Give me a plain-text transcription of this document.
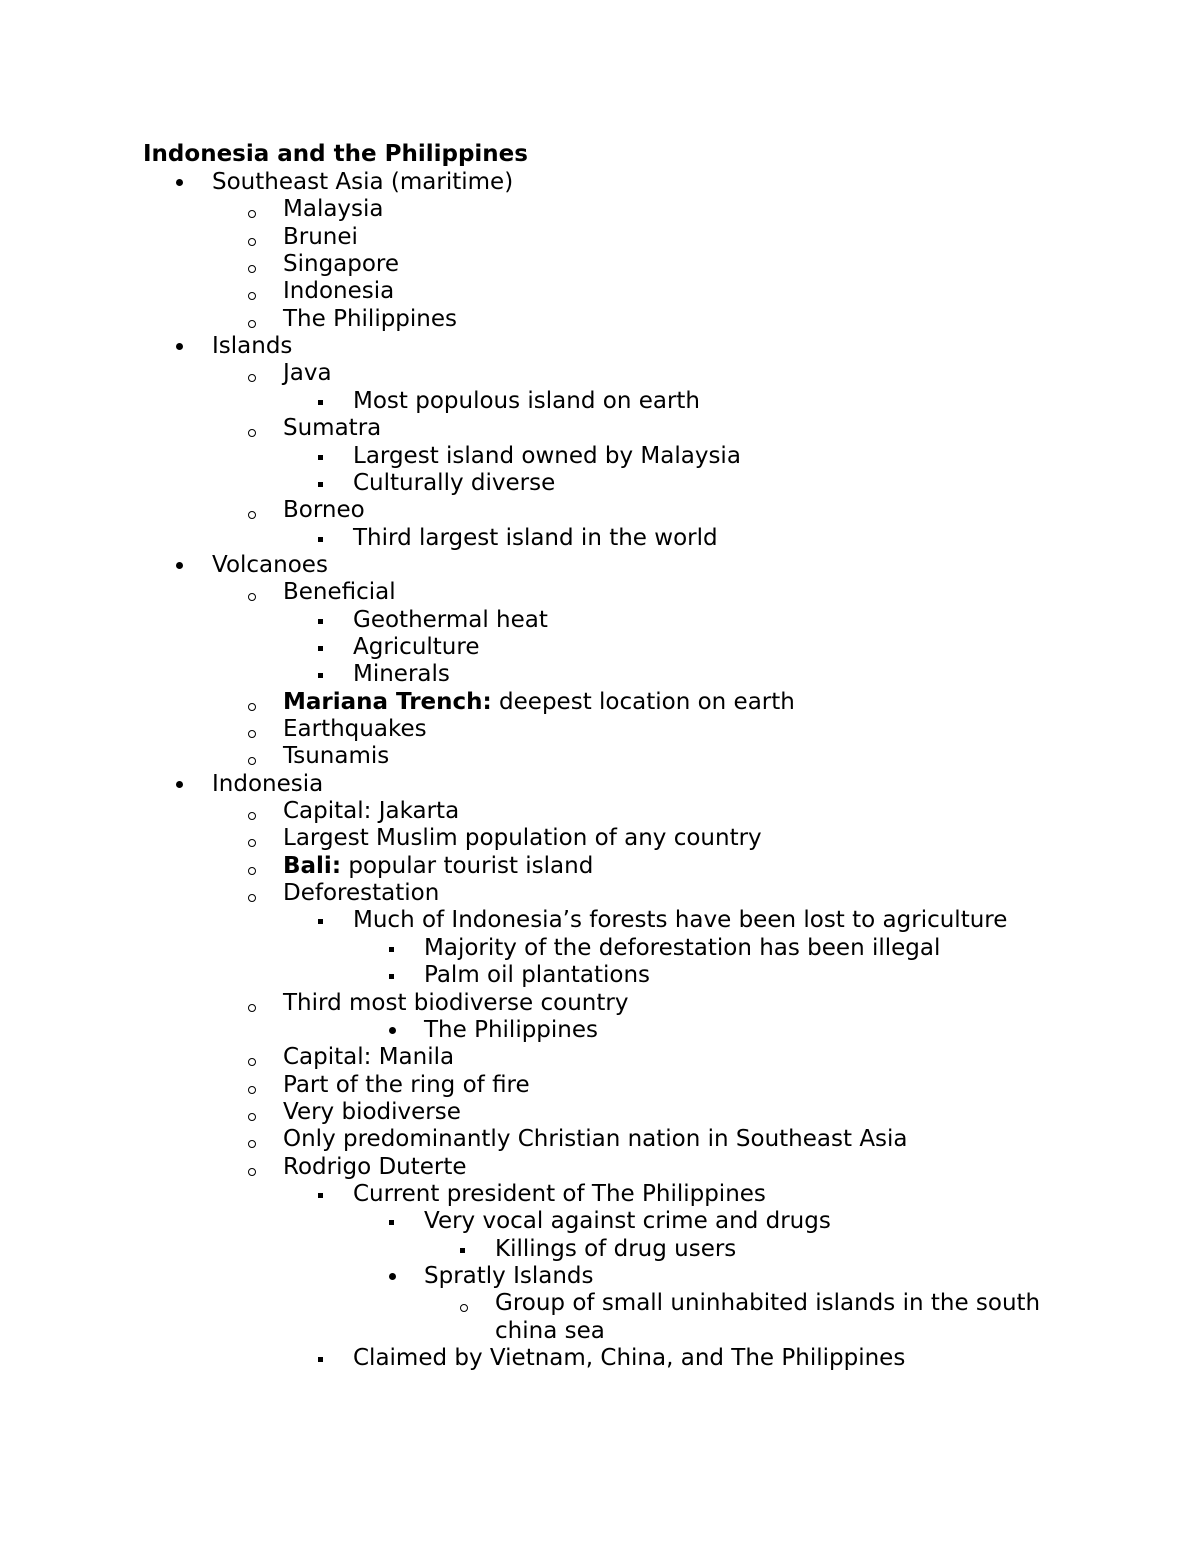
Indonesia and the Philippines
Southeast Asia (maritime)
Malaysia
Brunei
Singapore
Indonesia
The Philippines
Islands
Java
Most populous island on earth
Sumatra
Largest island owned by Malaysia
Culturally diverse
Borneo
Third largest island in the world
Volcanoes
Beneficial
Geothermal heat
Agriculture
Minerals
Mariana Trench: deepest location on earth
Earthquakes
Tsunamis
Indonesia
Capital: Jakarta
Largest Muslim population of any country
Bali: popular tourist island
Deforestation
Much of Indonesia’s forests have been lost to agriculture
Majority of the deforestation has been illegal
Palm oil plantations
Third most biodiverse country
The Philippines
Capital: Manila
Part of the ring of fire
Very biodiverse
Only predominantly Christian nation in Southeast Asia
Rodrigo Duterte
Current president of The Philippines
Very vocal against crime and drugs
Killings of drug users
Spratly Islands
Group of small uninhabited islands in the south
china sea
Claimed by Vietnam, China, and The Philippines
